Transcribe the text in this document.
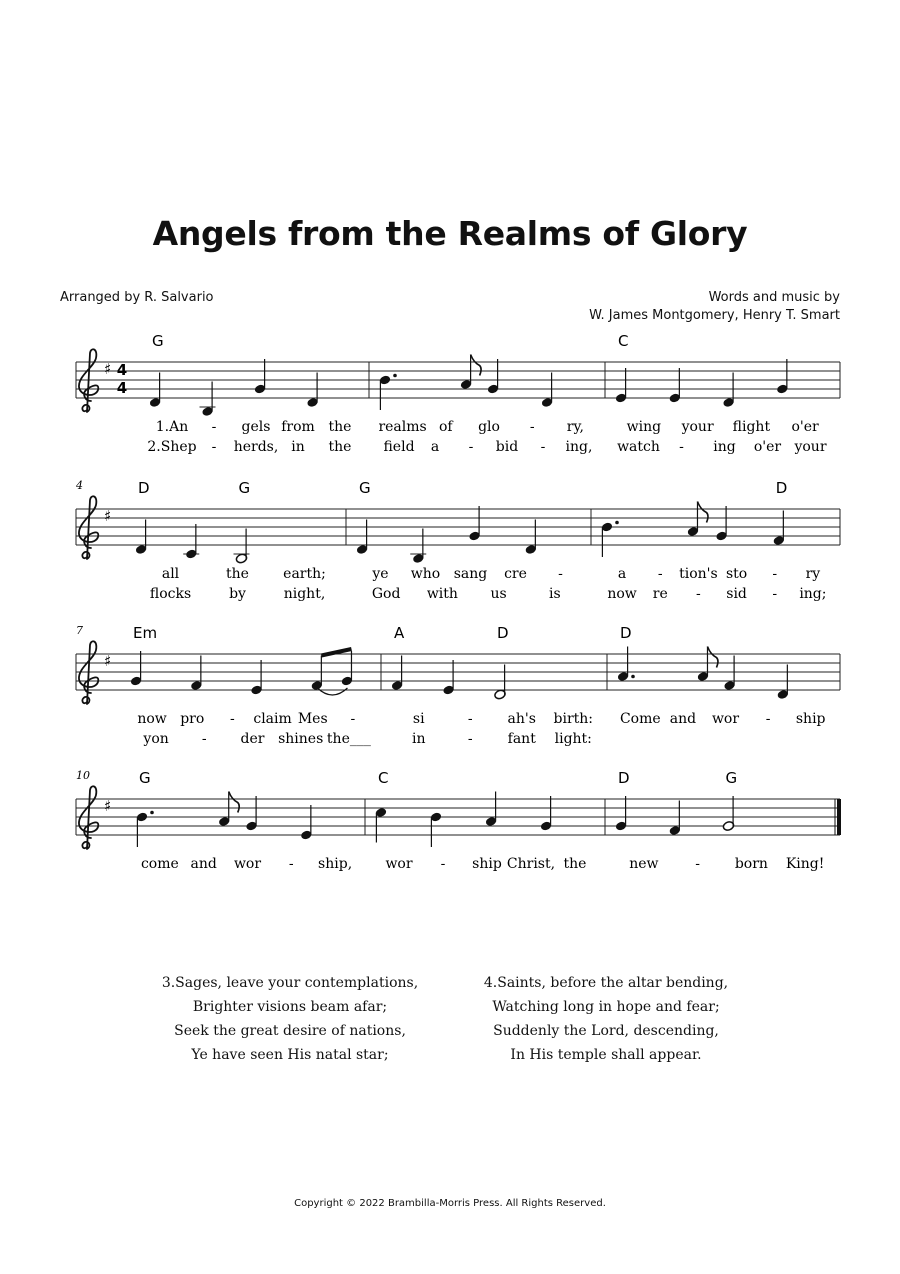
Angels from the Realms of Glory
Arranged by R. Salvario	Words and music by
W. James Montgomery, Henry T. Smart
♯ 4
4
1.An - gels from the
2.Shep - herds, in the
realms of glo - ry,
field a - bid - ing,
wing your flight o'er
watch - ing o'er your
G	C
♯
4
all	the earth;
flocks	by	night,
ye who sang cre -
God with us	is
a - tion's sto - ry
now re - sid - ing;
D	G	G	D
♯
7
now pro - claim Mes -
yon - der shines the___
si	- ah's birth:
in	-	fant light:
Come and wor - ship
Em	A	D	D
♯
10
come and wor - ship, wor - ship Christ, the	new	- born King!
G	C	D	G
3.Sages, leave your contemplations,
Brighter visions beam afar;
Seek the great desire of nations,
Ye have seen His natal star;
4.Saints, before the altar bending,
Watching long in hope and fear;
Suddenly the Lord, descending,
In His temple shall appear.
Copyright © 2022 Brambilla-Morris Press. All Rights Reserved.
